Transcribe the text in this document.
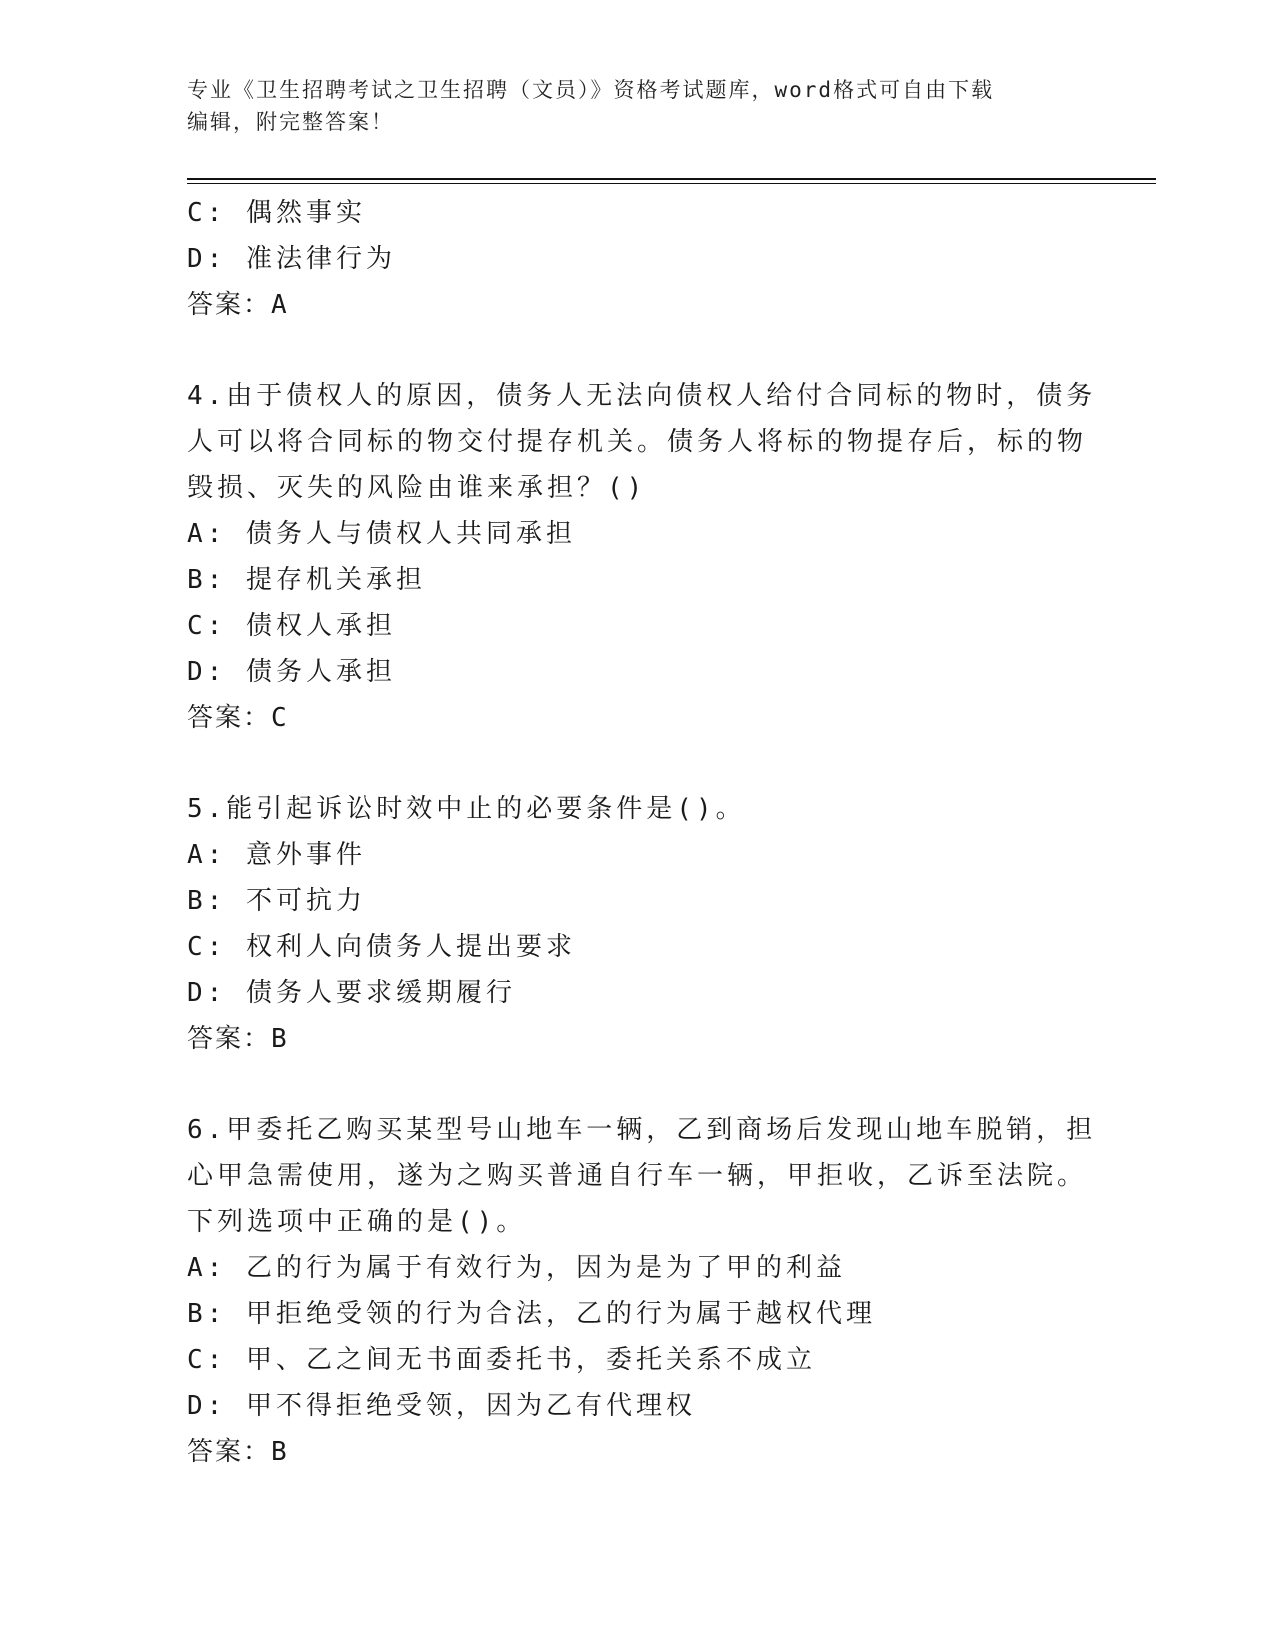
专业《卫生招聘考试之卫生招聘（文员）》资格考试题库，word格式可自由下载
编辑，附完整答案！
C: 偶然事实
D: 准法律行为
答案：A
4.由于债权人的原因，债务人无法向债权人给付合同标的物时，债务
人可以将合同标的物交付提存机关。债务人将标的物提存后，标的物
毁损、灭失的风险由谁来承担？()
A: 债务人与债权人共同承担
B: 提存机关承担
C: 债权人承担
D: 债务人承担
答案：C
5.能引起诉讼时效中止的必要条件是()。
A: 意外事件
B: 不可抗力
C: 权利人向债务人提出要求
D: 债务人要求缓期履行
答案：B
6.甲委托乙购买某型号山地车一辆，乙到商场后发现山地车脱销，担
心甲急需使用，遂为之购买普通自行车一辆，甲拒收，乙诉至法院。
下列选项中正确的是()。
A: 乙的行为属于有效行为，因为是为了甲的利益
B: 甲拒绝受领的行为合法，乙的行为属于越权代理
C: 甲、乙之间无书面委托书，委托关系不成立
D: 甲不得拒绝受领，因为乙有代理权
答案：B
